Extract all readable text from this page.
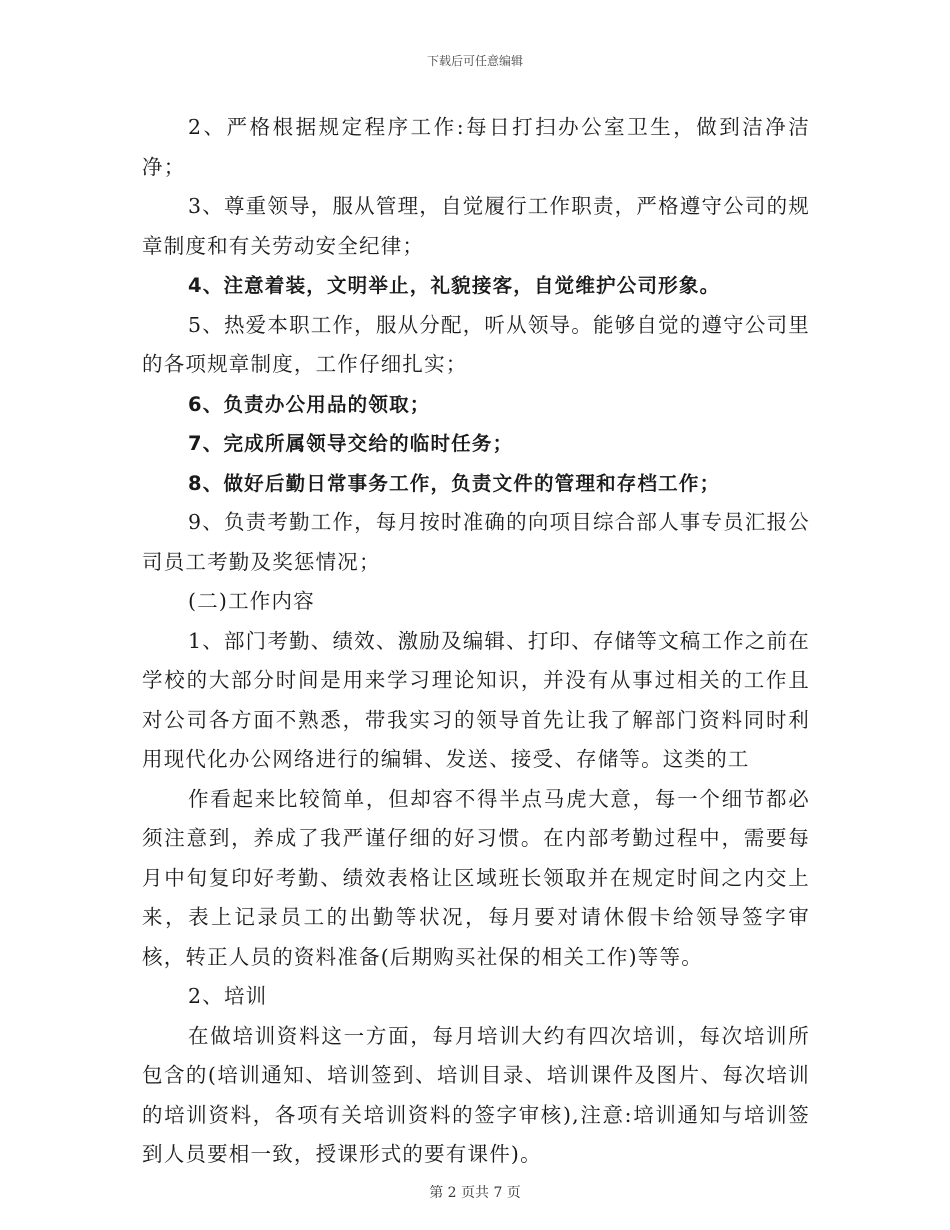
下载后可任意编辑

2、严格根据规定程序工作:每日打扫办公室卫生，做到洁净洁净；

3、尊重领导，服从管理，自觉履行工作职责，严格遵守公司的规章制度和有关劳动安全纪律；

4、注意着装，文明举止，礼貌接客，自觉维护公司形象。

5、热爱本职工作，服从分配，听从领导。能够自觉的遵守公司里的各项规章制度，工作仔细扎实；

6、负责办公用品的领取；

7、完成所属领导交给的临时任务；

8、做好后勤日常事务工作，负责文件的管理和存档工作；

9、负责考勤工作，每月按时准确的向项目综合部人事专员汇报公司员工考勤及奖惩情况；

(二)工作内容

1、部门考勤、绩效、激励及编辑、打印、存储等文稿工作之前在学校的大部分时间是用来学习理论知识，并没有从事过相关的工作且对公司各方面不熟悉，带我实习的领导首先让我了解部门资料同时利用现代化办公网络进行的编辑、发送、接受、存储等。这类的工

作看起来比较简单，但却容不得半点马虎大意，每一个细节都必须注意到，养成了我严谨仔细的好习惯。在内部考勤过程中，需要每月中旬复印好考勤、绩效表格让区域班长领取并在规定时间之内交上来，表上记录员工的出勤等状况，每月要对请休假卡给领导签字审核，转正人员的资料准备(后期购买社保的相关工作)等等。

2、培训

在做培训资料这一方面，每月培训大约有四次培训，每次培训所包含的(培训通知、培训签到、培训目录、培训课件及图片、每次培训的培训资料，各项有关培训资料的签字审核),注意:培训通知与培训签到人员要相一致，授课形式的要有课件)。

第 2 页共 7 页
